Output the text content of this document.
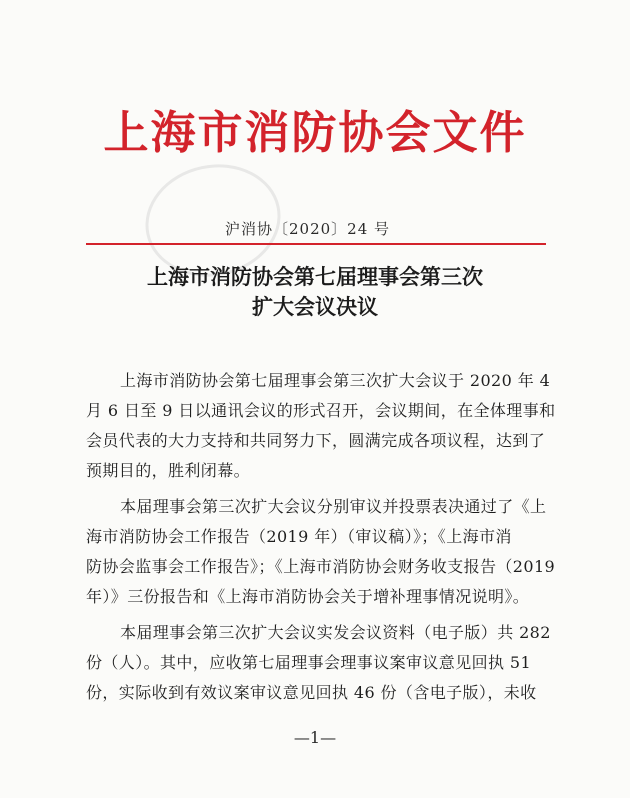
上海市消防协会文件
沪消协〔2020〕24 号
上海市消防协会第七届理事会第三次
扩大会议决议
上海市消防协会第七届理事会第三次扩大会议于 2020 年 4
月 6 日至 9 日以通讯会议的形式召开，会议期间，在全体理事和
会员代表的大力支持和共同努力下，圆满完成各项议程，达到了
预期目的，胜利闭幕。
本届理事会第三次扩大会议分别审议并投票表决通过了《上
海市消防协会工作报告（2019 年）（审议稿）》；《上海市消
防协会监事会工作报告》；《上海市消防协会财务收支报告（2019
年）》三份报告和《上海市消防协会关于增补理事情况说明》。
本届理事会第三次扩大会议实发会议资料（电子版）共 282
份（人）。其中，应收第七届理事会理事议案审议意见回执 51
份，实际收到有效议案审议意见回执 46 份（含电子版），未收
—1—
